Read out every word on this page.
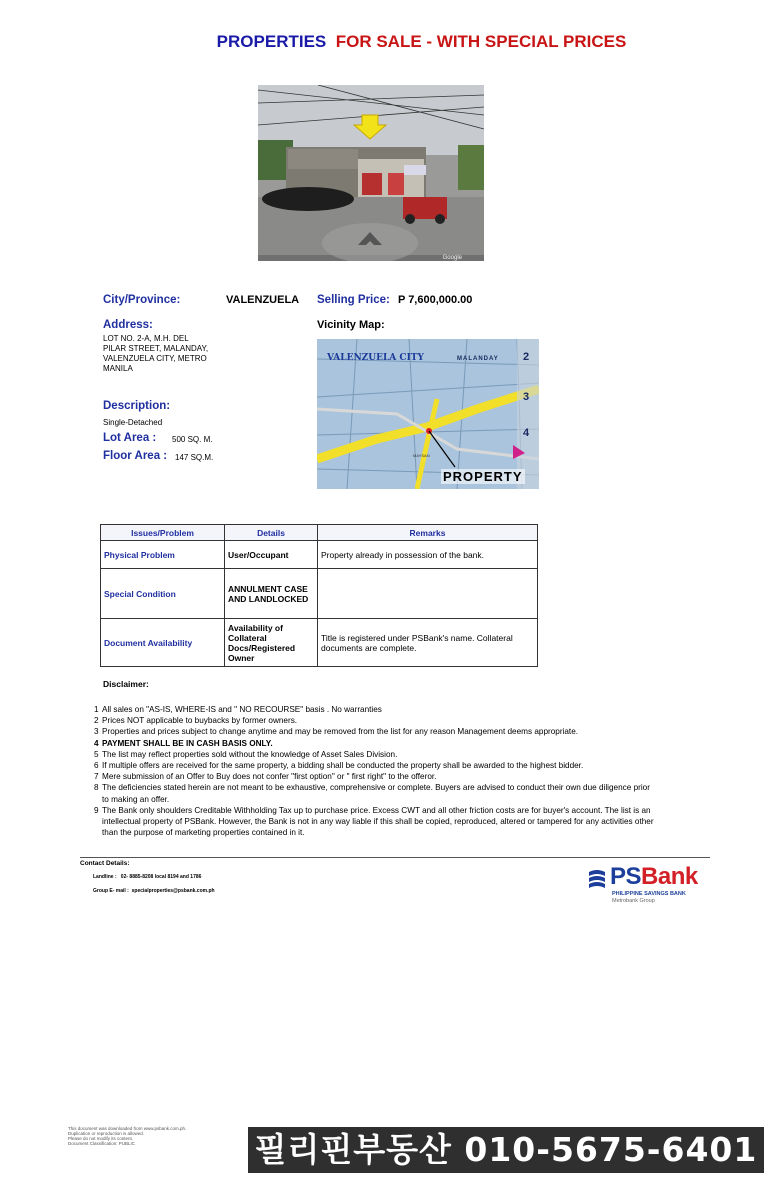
PROPERTIES FOR SALE - WITH SPECIAL PRICES
Google
City/Province:	VALENZUELA Selling Price: P 7,600,000.00
Address:
LOT NO. 2-A, M.H. DEL
PILAR STREET, MALANDAY,
VALENZUELA CITY, METRO
MANILA
Vicinity Map:
Description:
Single-Detached
Lot Area : 500 SQ. M.
Floor Area : 147 SQ.M.
VALENZUELA CITY	MALANDAY 2
3
4
MAYSAN
PROPERTY
Issues/Problem	Details	Remarks
Physical Problem	User/Occupant	Property already in possession of the bank.
Special Condition	ANNULMENT CASE AND LANDLOCKED	
Document Availability	Availability of Collateral Docs/Registered Owner	Title is registered under PSBank's name. Collateral documents are complete.
Disclaimer:
1 All sales on "AS-IS, WHERE-IS and " NO RECOURSE" basis . No warranties
2 Prices NOT applicable to buybacks by former owners.
3 Properties and prices subject to change anytime and may be removed from the list for any reason Management deems appropriate.
4 PAYMENT SHALL BE IN CASH BASIS ONLY.
5 The list may reflect properties sold without the knowledge of Asset Sales Division.
6 If multiple offers are received for the same property, a bidding shall be conducted the property shall be awarded to the highest bidder.
7 Mere submission of an Offer to Buy does not confer "first option" or " first right" to the offeror.
8 The deficiencies stated herein are not meant to be exhaustive, comprehensive or complete. Buyers are advised to conduct their own due diligence prior to making an offer.
9 The Bank only shoulders Creditable Withholding Tax up to purchase price. Excess CWT and all other friction costs are for buyer's account. The list is an intellectual property of PSBank. However, the Bank is not in any way liable if this shall be copied, reproduced, altered or tampered for any activities other than the purpose of marketing properties contained in it.
Contact Details:
Landline : 02- 8885-8208 local 8194 and 1786
Group E- mail : specialproperties@psbank.com.ph
PSBank
PHILIPPINE SAVINGS BANK
Metrobank Group
This document was downloaded from www.psbank.com.ph.
Duplication or reproduction is allowed.
Please do not modify its content.
Document Classification: PUBLIC	필리핀부동산 010-5675-6401
